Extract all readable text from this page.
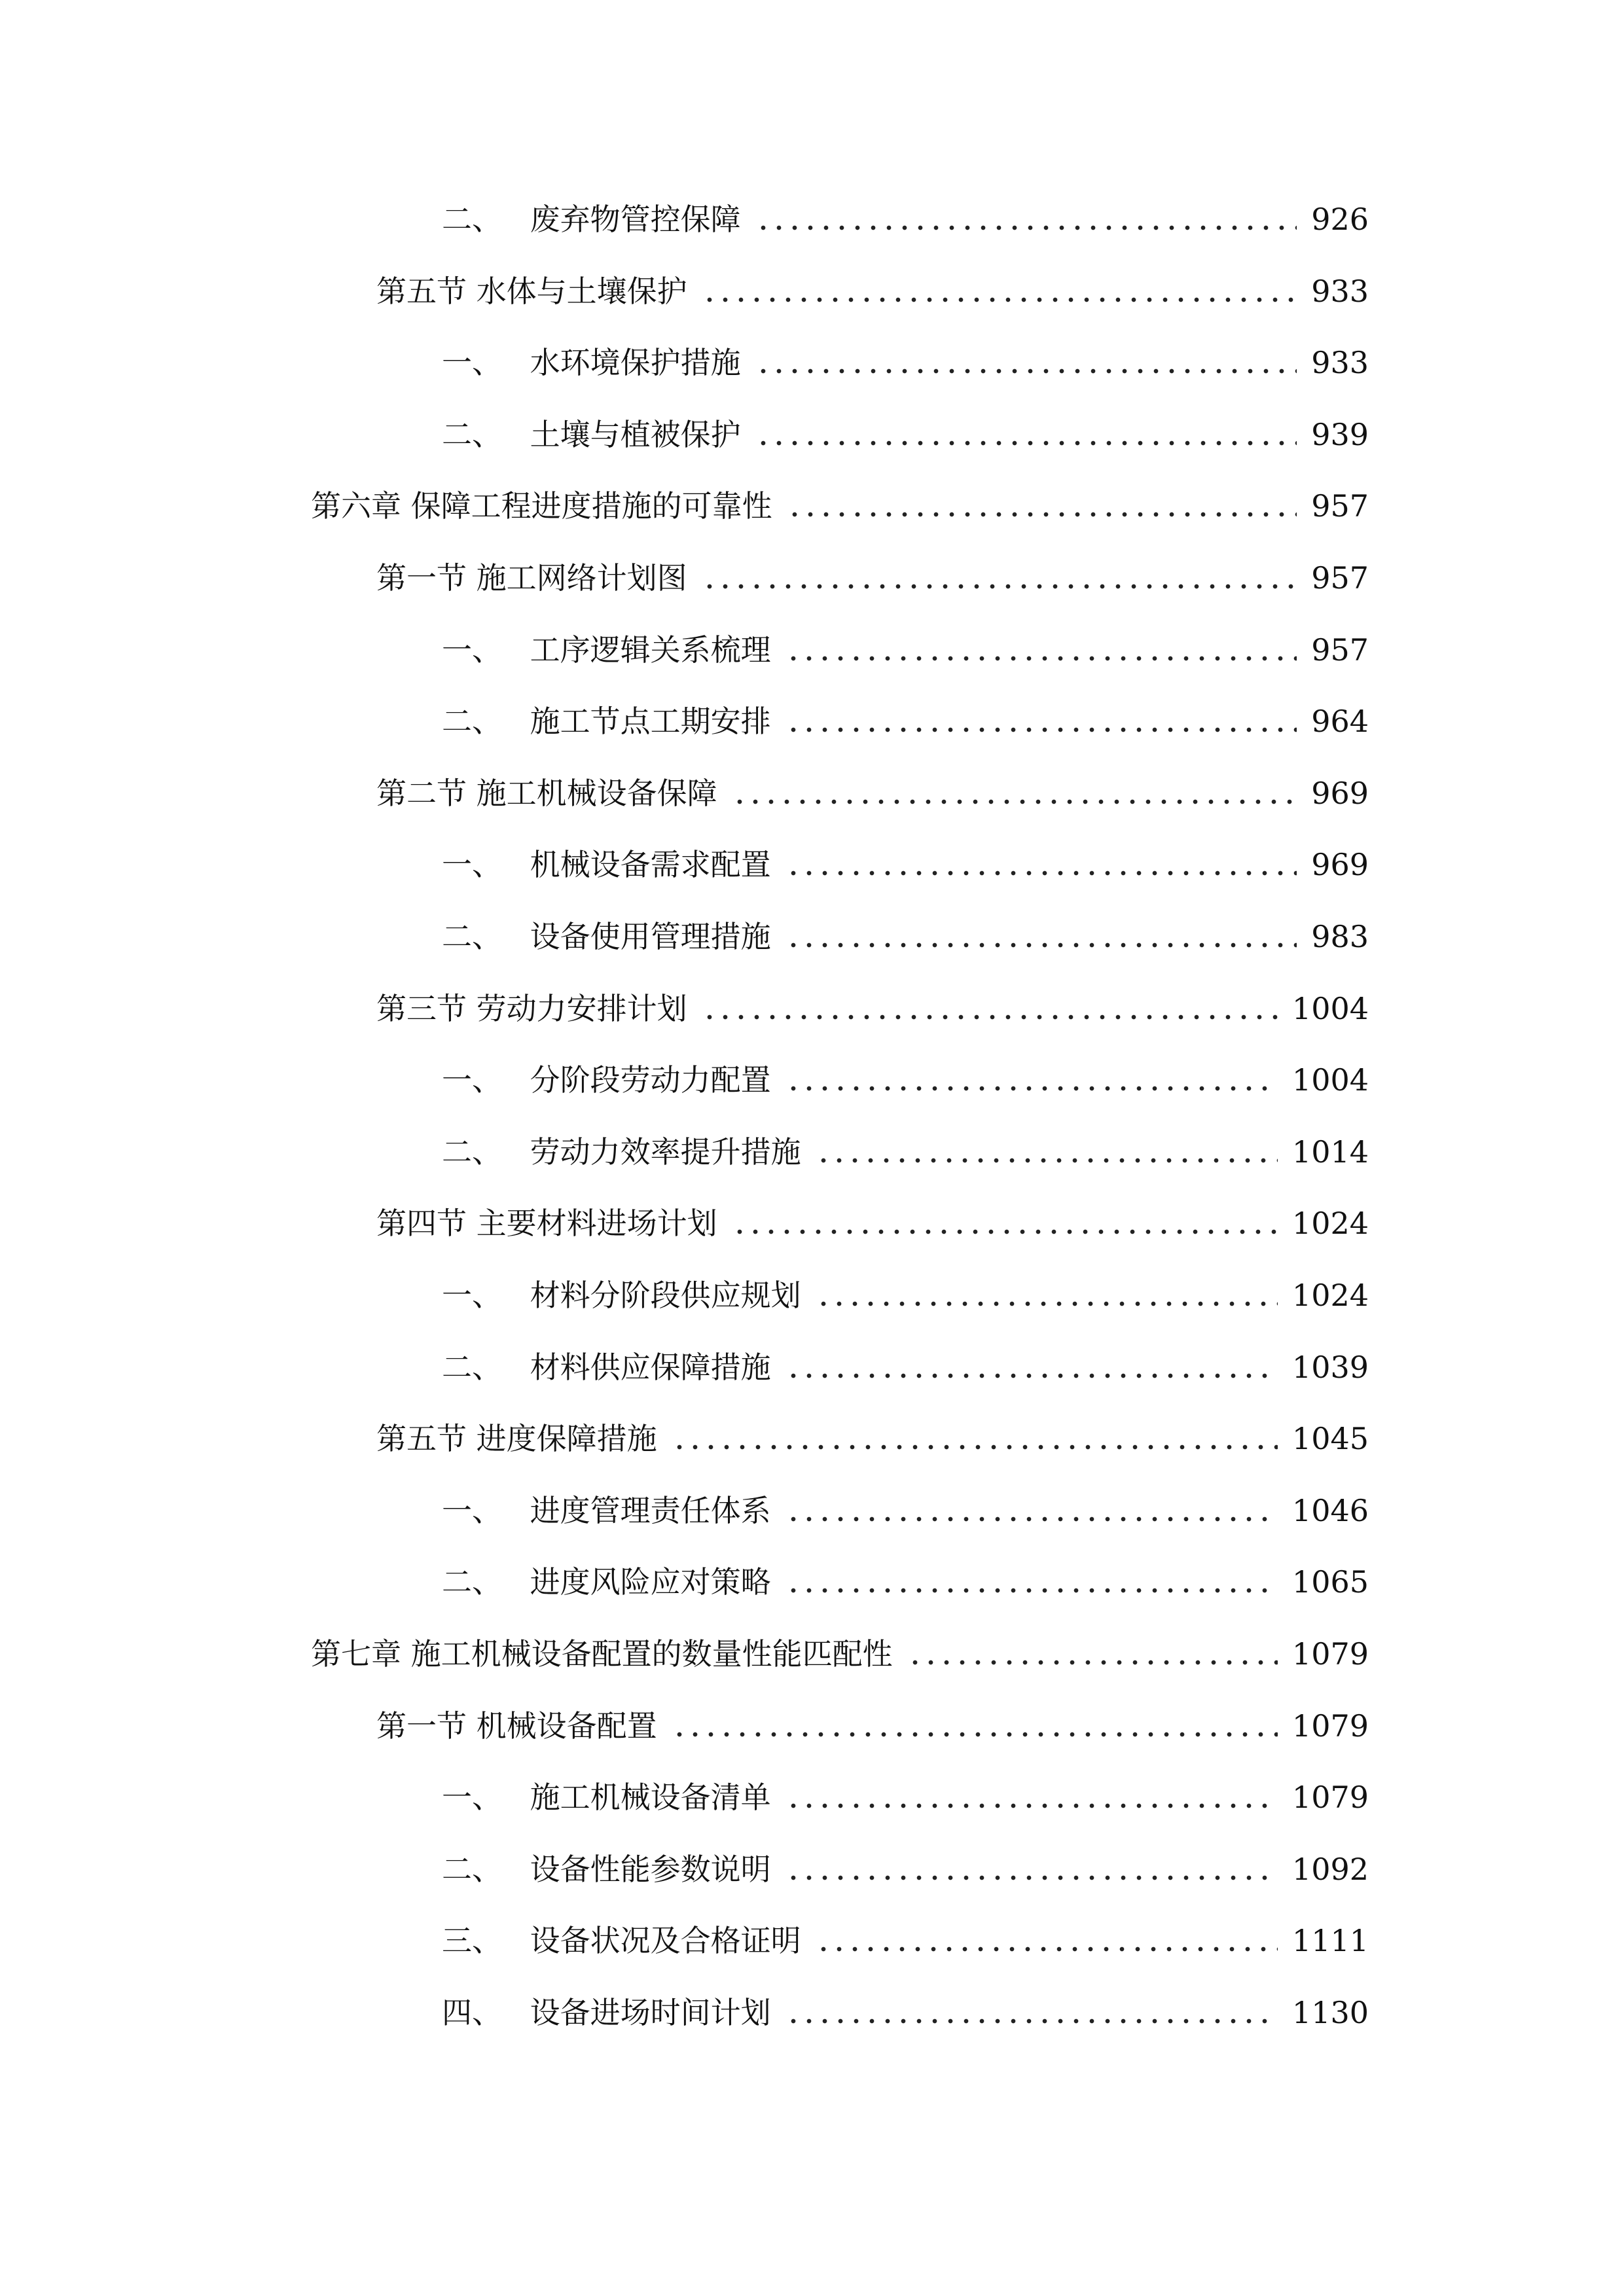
二、 废弃物管控保障	926
第五节 水体与土壤保护	933
一、 水环境保护措施	933
二、 土壤与植被保护	939
第六章 保障工程进度措施的可靠性	957
第一节 施工网络计划图	957
一、 工序逻辑关系梳理	957
二、 施工节点工期安排	964
第二节 施工机械设备保障	969
一、 机械设备需求配置	969
二、 设备使用管理措施	983
第三节 劳动力安排计划	1004
一、 分阶段劳动力配置	1004
二、 劳动力效率提升措施	1014
第四节 主要材料进场计划	1024
一、 材料分阶段供应规划	1024
二、 材料供应保障措施	1039
第五节 进度保障措施	1045
一、 进度管理责任体系	1046
二、 进度风险应对策略	1065
第七章 施工机械设备配置的数量性能匹配性	1079
第一节 机械设备配置	1079
一、 施工机械设备清单	1079
二、 设备性能参数说明	1092
三、 设备状况及合格证明	1111
四、 设备进场时间计划	1130
